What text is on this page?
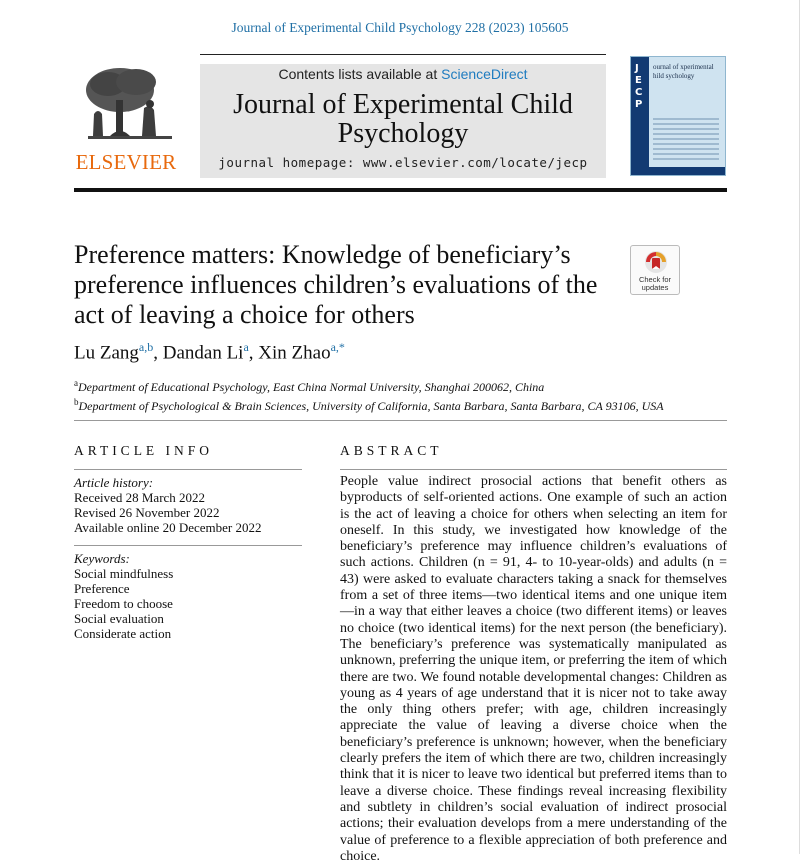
Journal of Experimental Child Psychology 228 (2023) 105605
ELSEVIER
Contents lists available at ScienceDirect
Journal of Experimental Child Psychology
journal homepage: www.elsevier.com/locate/jecp
J
E
C
P
ournal of xperimental hild sychology
Preference matters: Knowledge of beneficiary’s preference influences children’s evaluations of the act of leaving a choice for others
Check for
updates
Lu Zang$^{a,b}$, Dandan Li$^a$, Xin Zhao$^{a,*}$
$^a$Department of Educational Psychology, East China Normal University, Shanghai 200062, China
$^b$Department of Psychological & Brain Sciences, University of California, Santa Barbara, Santa Barbara, CA 93106, USA
ARTICLE INFO	ABSTRACT
Article history:
Received 28 March 2022
Revised 26 November 2022
Available online 20 December 2022
Keywords:
Social mindfulness
Preference
Freedom to choose
Social evaluation
Considerate action

People value indirect prosocial actions that benefit others as byproducts of self-oriented actions. One example of such an action is the act of leaving a choice for others when selecting an item for oneself. In this study, we investigated how knowledge of the beneficiary’s preference may influence children’s evaluations of such actions. Children (n = 91, 4- to 10-year-olds) and adults (n = 43) were asked to evaluate characters taking a snack for themselves from a set of three items—two identical items and one unique item—in a way that either leaves a choice (two different items) or leaves no choice (two identical items) for the next person (the beneficiary). The beneficiary’s preference was systematically manipulated as unknown, preferring the unique item, or preferring the item of which there are two. We found notable developmental changes: Children as young as 4 years of age understand that it is nicer not to take away the only thing others prefer; with age, children increasingly appreciate the value of leaving a diverse choice when the beneficiary’s preference is unknown; however, when the beneficiary clearly prefers the item of which there are two, children increasingly think that it is nicer to leave two identical but preferred items than to leave a diverse choice. These findings reveal increasing flexibility and subtlety in children’s social evaluation of indirect prosocial actions; their evaluation develops from a mere understanding of the value of preference to a flexible appreciation of both preference and choice.
